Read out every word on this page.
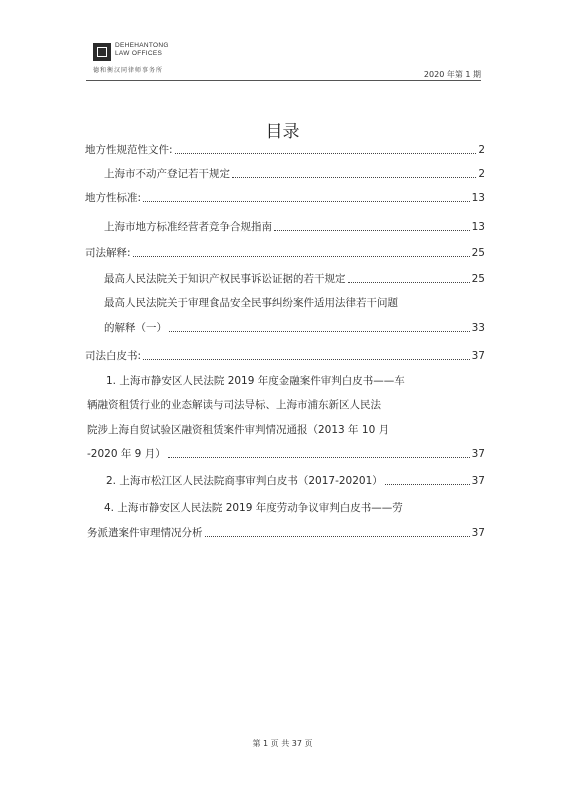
DEHEHANTONG
LAW OFFICES
德和衡汉同律师事务所	2020 年第 1 期
目录
地方性规范性文件:	2
上海市不动产登记若干规定	2
地方性标准:	13
上海市地方标准经营者竞争合规指南	13
司法解释:	25
最高人民法院关于知识产权民事诉讼证据的若干规定	25
最高人民法院关于审理食品安全民事纠纷案件适用法律若干问题
的解释（一）	33
司法白皮书:	37
1. 上海市静安区人民法院 2019 年度金融案件审判白皮书——车
辆融资租赁行业的业态解读与司法导标、上海市浦东新区人民法
院涉上海自贸试验区融资租赁案件审判情况通报（2013 年 10 月
-2020 年 9 月）	37
2. 上海市松江区人民法院商事审判白皮书（2017-20201）	37
4. 上海市静安区人民法院 2019 年度劳动争议审判白皮书——劳
务派遣案件审理情况分析	37
第 1 页 共 37 页
